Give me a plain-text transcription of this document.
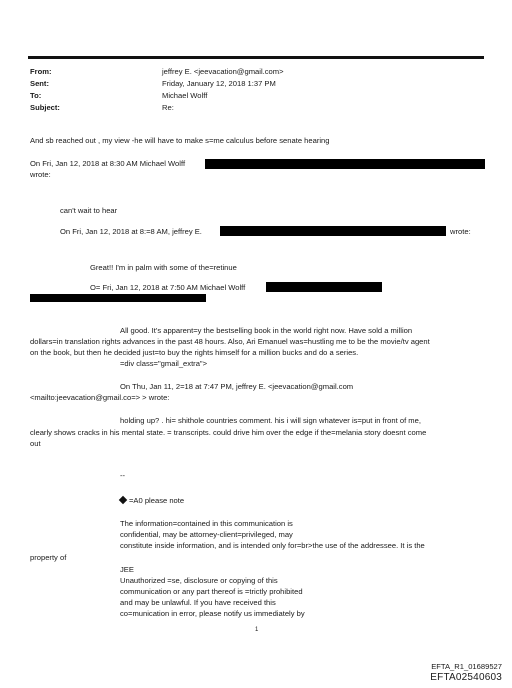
From:	jeffrey E. <jeevacation@gmail.com>
Sent:	Friday, January 12, 2018 1:37 PM
To:	Michael Wolff
Subject:	Re:
And sb reached out , my view -he will have to make s=me calculus before senate hearing
On Fri, Jan 12, 2018 at 8:30 AM Michael Wolff
wrote:
can't wait to hear
On Fri, Jan 12, 2018 at 8:=8 AM, jeffrey E.	wrote:
Great!! I'm in palm with some of the=retinue
O= Fri, Jan 12, 2018 at 7:50 AM Michael Wolff
All good. It's apparent=y the bestselling book in the world right now. Have sold a million
dollars=in translation rights advances in the past 48 hours. Also, Ari Emanuel was=hustling me to be the movie/tv agent
on the book, but then he decided just=to buy the rights himself for a million bucks and do a series.
=div class="gmail_extra">
On Thu, Jan 11, 2=18 at 7:47 PM, jeffrey E. <jeevacation@gmail.com
<mailto:jeevacation@gmail.co=> > wrote:
holding up? . hi= shithole countries comment. his i will sign whatever is=put in front of me,
clearly shows cracks in his mental state. = transcripts. could drive him over the edge if the=melania story doesnt come
out
--
=A0 please note
The information=contained in this communication is
confidential, may be attorney-client=privileged, may
constitute inside information, and is intended only for=br>the use of the addressee. It is the
property of
JEE
Unauthorized =se, disclosure or copying of this
communication or any part thereof is =trictly prohibited
and may be unlawful. If you have received this
co=munication in error, please notify us immediately by
1
EFTA_R1_01689527
EFTA02540603
